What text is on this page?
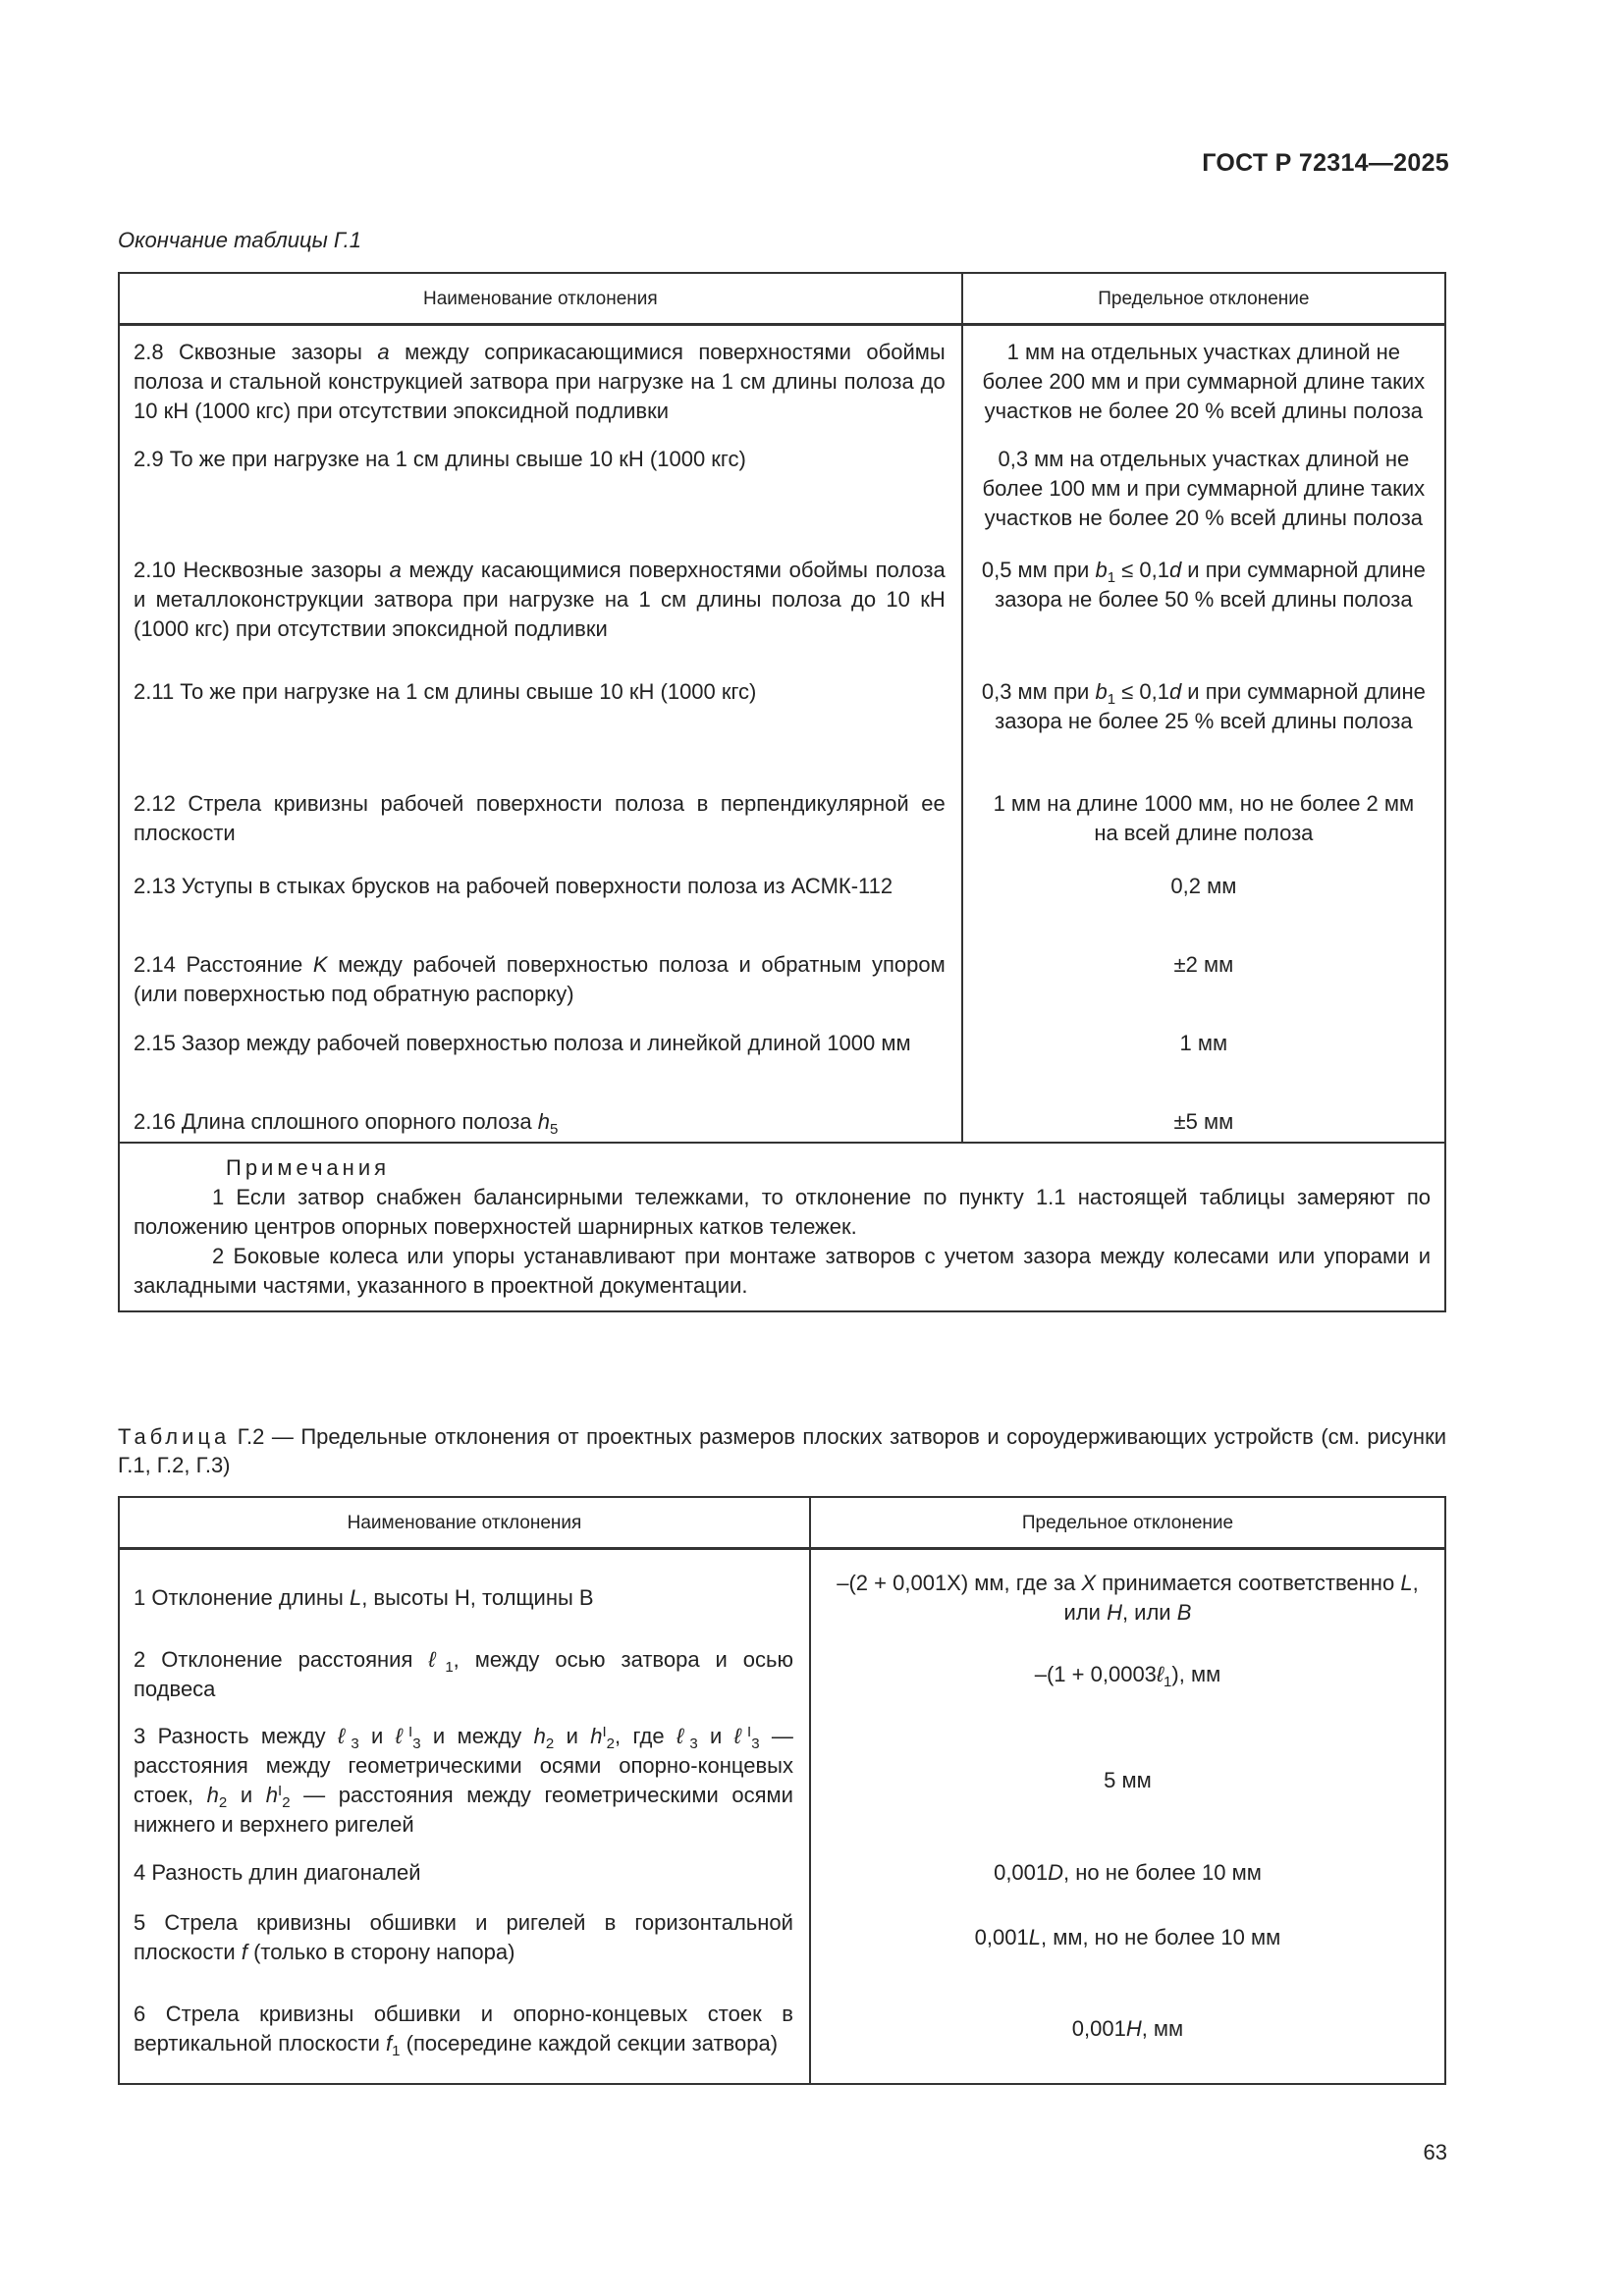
ГОСТ Р 72314—2025
Окончание таблицы Г.1
Наименование отклонения	Предельное отклонение
2.8 Сквозные зазоры a между соприкасающимися поверхностями обоймы полоза и стальной конструкцией затвора при нагрузке на 1 см длины полоза до 10 кН (1000 кгс) при отсутствии эпоксидной подливки	1 мм на отдельных участках длиной не более 200 мм и при суммарной длине таких участков не более 20 % всей длины полоза
2.9 То же при нагрузке на 1 см длины свыше 10 кН (1000 кгс)	0,3 мм на отдельных участках длиной не более 100 мм и при суммарной длине таких участков не более 20 % всей длины полоза
2.10 Несквозные зазоры a между касающимися поверхностями обоймы полоза и металлоконструкции затвора при нагрузке на 1 см длины полоза до 10 кН (1000 кгс) при отсутствии эпоксидной подливки	0,5 мм при $b_1 \le 0,1d$ и при суммарной длине зазора не более 50 % всей длины полоза
2.11 То же при нагрузке на 1 см длины свыше 10 кН (1000 кгс)	0,3 мм при $b_1 \le 0,1d$ и при суммарной длине зазора не более 25 % всей длины полоза
2.12 Стрела кривизны рабочей поверхности полоза в перпендикулярной ее плоскости	1 мм на длине 1000 мм, но не более 2 мм на всей длине полоза
2.13 Уступы в стыках брусков на рабочей поверхности полоза из АСМК-112	0,2 мм
2.14 Расстояние K между рабочей поверхностью полоза и обратным упором (или поверхностью под обратную распорку)	±2 мм
2.15 Зазор между рабочей поверхностью полоза и линейкой длиной 1000 мм	1 мм
2.16 Длина сплошного опорного полоза $h_5$	±5 мм

Примечания
1 Если затвор снабжен балансирными тележками, то отклонение по пункту 1.1 настоящей таблицы замеряют по положению центров опорных поверхностей шарнирных катков тележек.
2 Боковые колеса или упоры устанавливают при монтаже затворов с учетом зазора между колесами или упорами и закладными частями, указанного в проектной документации.	
Таблица Г.2 — Предельные отклонения от проектных размеров плоских затворов и сороудерживающих устройств (см. рисунки Г.1, Г.2, Г.3)
Наименование отклонения	Предельное отклонение
1 Отклонение длины L, высоты Н, толщины В	–(2 + 0,001Х) мм, где за X принимается соответственно L, или Н, или В
2 Отклонение расстояния ℓ$_1$, между осью затвора и осью подвеса	–(1 + 0,0003ℓ$_1$), мм
3 Разность между ℓ$_3$ и ℓ$^I_3$ и между $h_2$ и $h^I_2$, где ℓ$_3$ и ℓ$^I_3$ — расстояния между геометрическими осями опорно-концевых стоек, $h_2$ и $h^I_2$ — расстояния между геометрическими осями нижнего и верхнего ригелей	5 мм
4 Разность длин диагоналей	0,001D, но не более 10 мм
5 Стрела кривизны обшивки и ригелей в горизонтальной плоскости f (только в сторону напора)	0,001L, мм, но не более 10 мм
6 Стрела кривизны обшивки и опорно-концевых стоек в вертикальной плоскости $f_1$ (посередине каждой секции затвора)	0,001Н, мм
63
